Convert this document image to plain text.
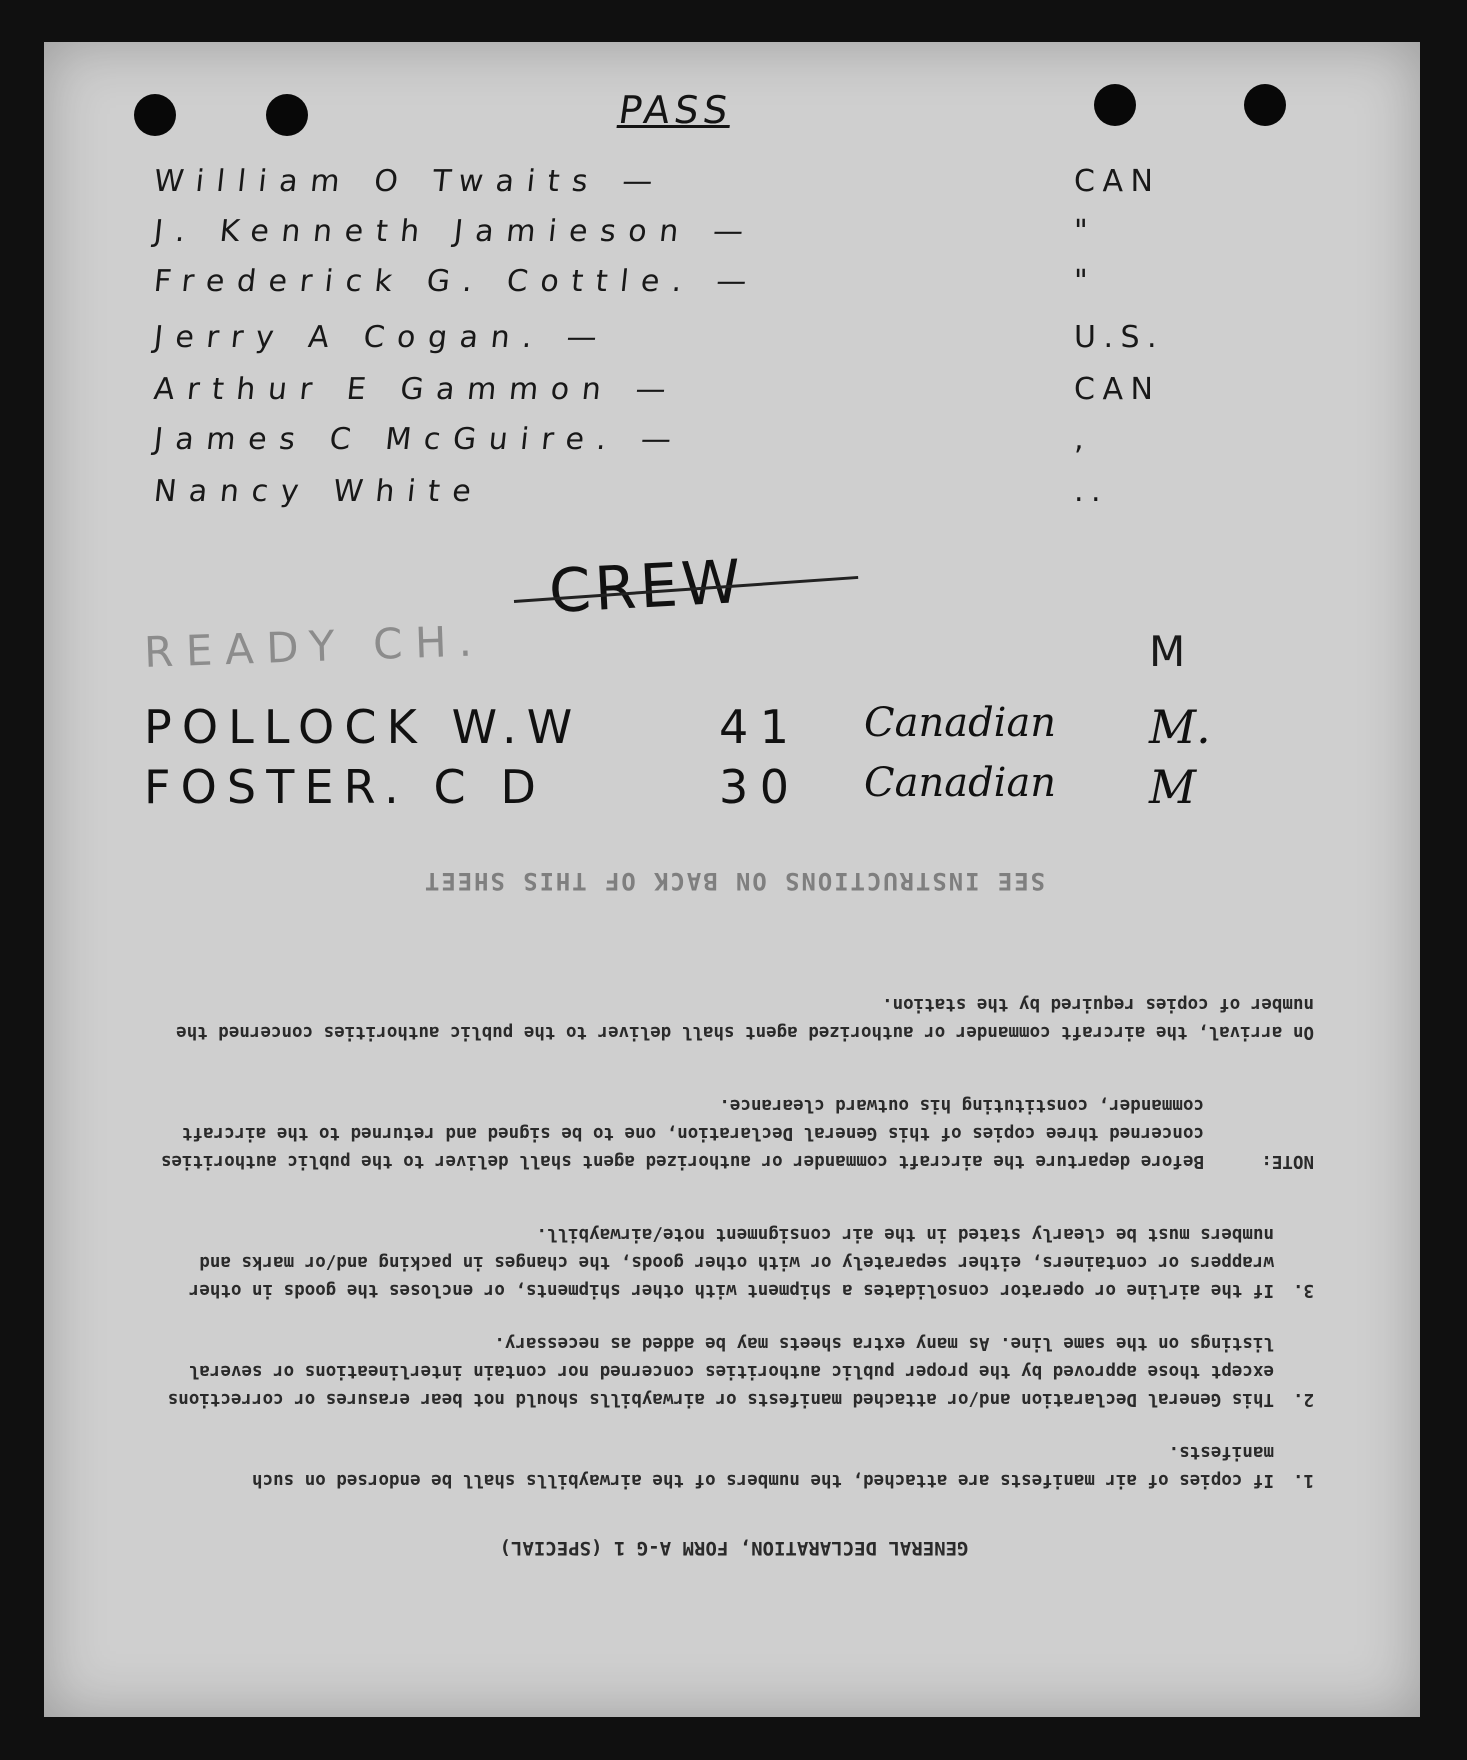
PASS
William O Twaits —	CAN
J. Kenneth Jamieson —	"
Frederick G. Cottle. —	"
Jerry A Cogan. —	U.S.
Arthur E Gammon —	CAN
James C McGuire. —	,
Nancy White	..
CREW
READY CH.	M
POLLOCK W.W	41 Canadian M.
FOSTER. C D	30 Canadian M

GENERAL DECLARATION, FORM A-G 1 (SPECIAL)

1.

If copies of air manifests are attached, the numbers of the airwaybills shall be endorsed on such manifests.

2.

This General Declaration and/or attached manifests or airwaybills should not bear erasures or corrections except those approved by the proper public authorities concerned nor contain interlineations or several listings on the same line. As many extra sheets may be added as necessary.

3.

If the airline or operator consolidates a shipment with other shipments, or encloses the goods in other wrappers or containers, either separately or with other goods, the changes in packing and/or marks and numbers must be clearly stated in the air consignment note/airwaybill.

NOTE:

Before departure the aircraft commander or authorized agent shall deliver to the public authorities concerned three copies of this General Declaration, one to be signed and returned to the aircraft commander, constituting his outward clearance.

On arrival, the aircraft commander or authorized agent shall deliver to the public authorities concerned the number of copies required by the station.

SEE INSTRUCTIONS ON BACK OF THIS SHEET
